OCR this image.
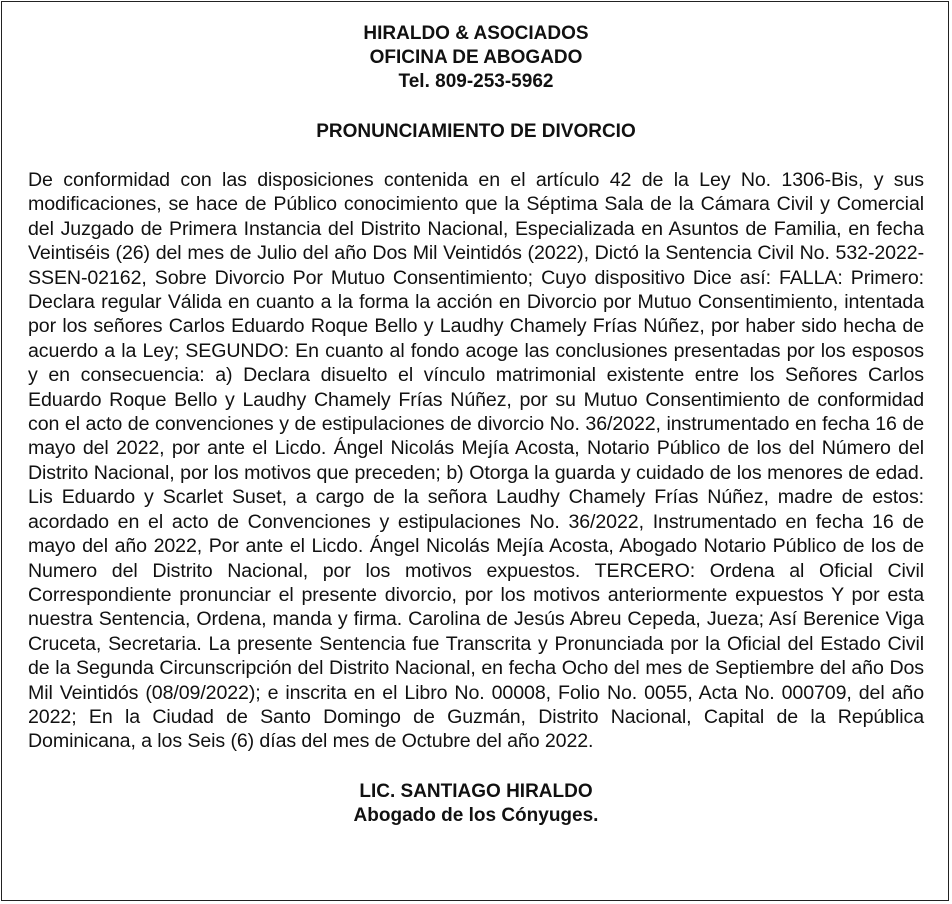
HIRALDO & ASOCIADOS
OFICINA DE ABOGADO
Tel. 809-253-5962
PRONUNCIAMIENTO DE DIVORCIO
De conformidad con las disposiciones contenida en el artículo 42 de la Ley No. 1306-Bis, y sus modificaciones, se hace de Público conocimiento que la Séptima Sala de la Cámara Civil y Comercial del Juzgado de Primera Instancia del Distrito Nacional, Especializada en Asuntos de Familia, en fecha Veintiséis (26) del mes de Julio del año Dos Mil Veintidós (2022), Dictó la Sentencia Civil No. 532-2022-SSEN-02162, Sobre Divorcio Por Mutuo Consentimiento; Cuyo dispositivo Dice así: FALLA: Primero: Declara regular Válida en cuanto a la forma la acción en Divorcio por Mutuo Consentimiento, intentada por los señores Carlos Eduardo Roque Bello y Laudhy Chamely Frías Núñez, por haber sido hecha de acuerdo a la Ley; SEGUNDO: En cuanto al fondo acoge las conclusiones presentadas por los esposos y en consecuencia: a) Declara disuelto el vínculo matrimonial existente entre los Señores Carlos Eduardo Roque Bello y Laudhy Chamely Frías Núñez, por su Mutuo Consentimiento de conformidad con el acto de convenciones y de estipulaciones de divorcio No. 36/2022, instrumentado en fecha 16 de mayo del 2022, por ante el Licdo. Ángel Nicolás Mejía Acosta, Notario Público de los del Número del Distrito Nacional, por los motivos que preceden; b) Otorga la guarda y cuidado de los menores de edad. Lis Eduardo y Scarlet Suset, a cargo de la señora Laudhy Chamely Frías Núñez, madre de estos: acordado en el acto de Convenciones y estipulaciones No. 36/2022, Instrumentado en fecha 16 de mayo del año 2022, Por ante el Licdo. Ángel Nicolás Mejía Acosta, Abogado Notario Público de los de Numero del Distrito Nacional, por los motivos expuestos. TERCERO: Ordena al Oficial Civil Correspondiente pronunciar el presente divorcio, por los motivos anteriormente expuestos Y por esta nuestra Sentencia, Ordena, manda y firma. Carolina de Jesús Abreu Cepeda, Jueza; Así Berenice Viga Cruceta, Secretaria. La presente Sentencia fue Transcrita y Pronunciada por la Oficial del Estado Civil de la Segunda Circunscripción del Distrito Nacional, en fecha Ocho del mes de Septiembre del año Dos Mil Veintidós (08/09/2022); e inscrita en el Libro No. 00008, Folio No. 0055, Acta No. 000709, del año 2022; En la Ciudad de Santo Domingo de Guzmán, Distrito Nacional, Capital de la República Dominicana, a los Seis (6) días del mes de Octubre del año 2022.
LIC. SANTIAGO HIRALDO
Abogado de los Cónyuges.
